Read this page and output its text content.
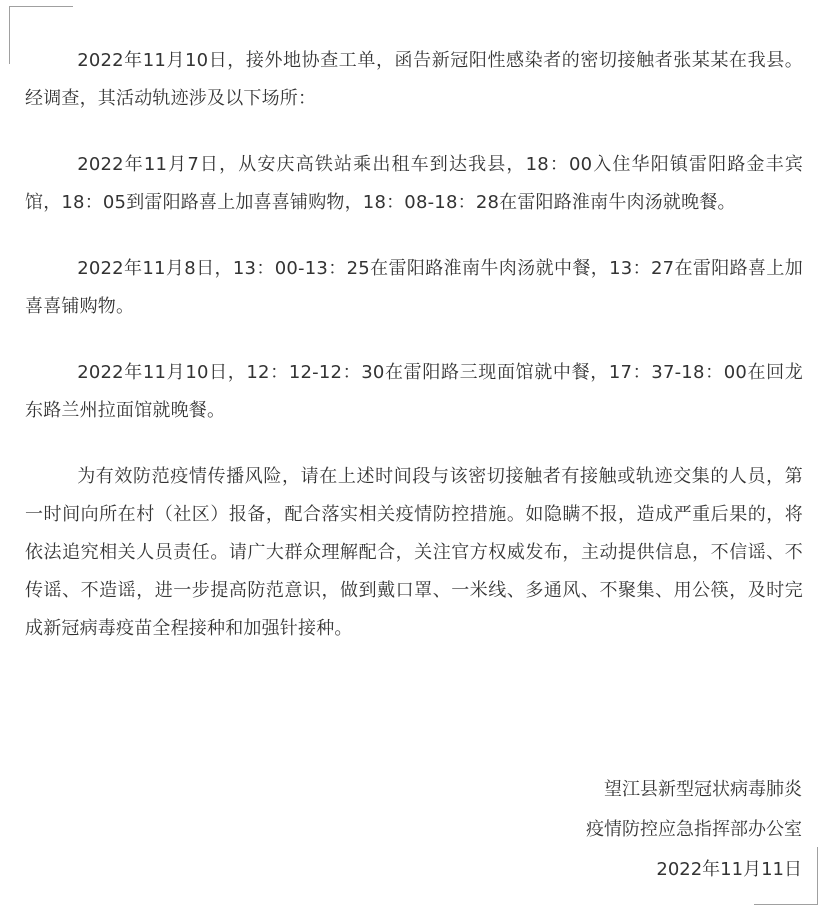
2022年11月10日，接外地协查工单，函告新冠阳性感染者的密切接触者张某某在我县。经调查，其活动轨迹涉及以下场所：

2022年11月7日，从安庆高铁站乘出租车到达我县，18：00入住华阳镇雷阳路金丰宾馆，18：05到雷阳路喜上加喜喜铺购物，18：08-18：28在雷阳路淮南牛肉汤就晚餐。

2022年11月8日，13：00-13：25在雷阳路淮南牛肉汤就中餐，13：27在雷阳路喜上加喜喜铺购物。

2022年11月10日，12：12-12：30在雷阳路三现面馆就中餐，17：37-18：00在回龙东路兰州拉面馆就晚餐。

为有效防范疫情传播风险，请在上述时间段与该密切接触者有接触或轨迹交集的人员，第一时间向所在村（社区）报备，配合落实相关疫情防控措施。如隐瞒不报，造成严重后果的，将依法追究相关人员责任。请广大群众理解配合，关注官方权威发布，主动提供信息，不信谣、不传谣、不造谣，进一步提高防范意识，做到戴口罩、一米线、多通风、不聚集、用公筷，及时完成新冠病毒疫苗全程接种和加强针接种。

望江县新型冠状病毒肺炎
疫情防控应急指挥部办公室
2022年11月11日
